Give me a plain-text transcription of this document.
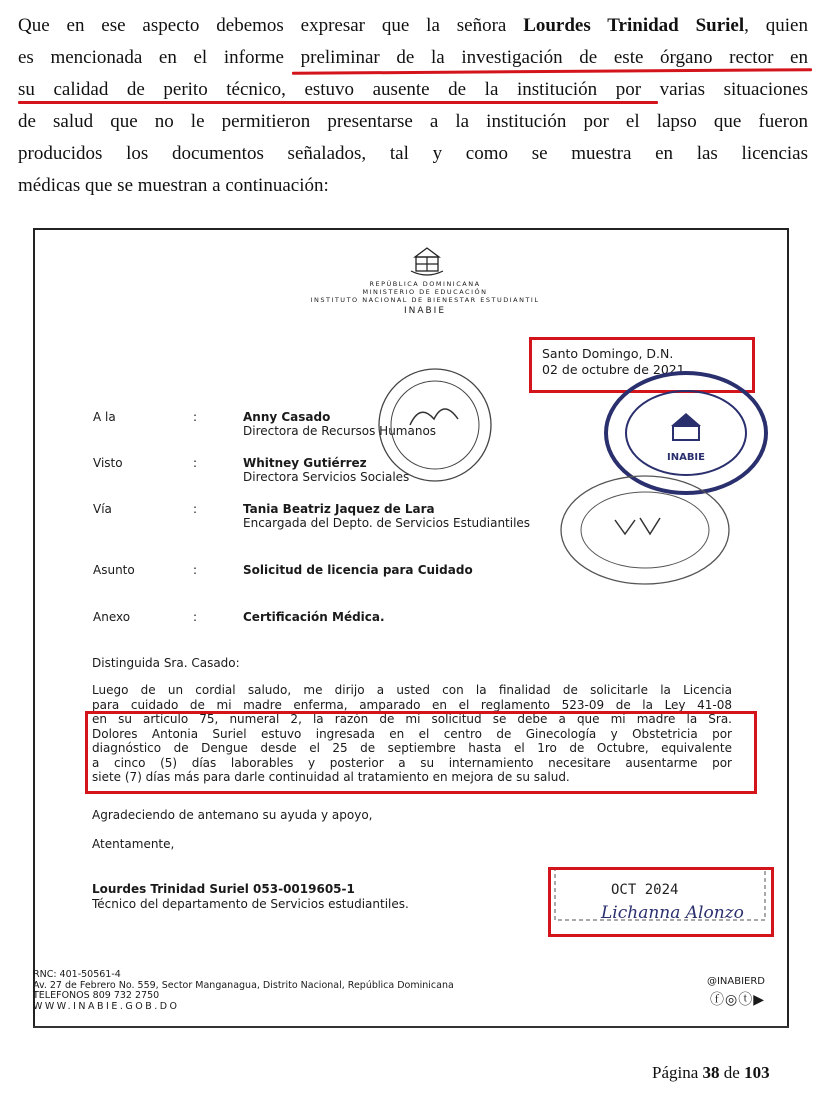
Que en ese aspecto debemos expresar que la señora Lourdes Trinidad Suriel, quien
es mencionada en el informe preliminar de la investigación de este órgano rector en
su calidad de perito técnico, estuvo ausente de la institución por varias situaciones
de salud que no le permitieron presentarse a la institución por el lapso que fueron
producidos los documentos señalados, tal y como se muestra en las licencias
médicas que se muestran a continuación:
REPÚBLICA DOMINICANA
MINISTERIO DE EDUCACIÓN
INSTITUTO NACIONAL DE BIENESTAR ESTUDIANTIL
INABIE
Santo Domingo, D.N.
02 de octubre de 2021
A la	:	Anny Casado
Directora de Recursos Humanos
Visto	:	Whitney Gutiérrez
Directora Servicios Sociales
Vía	:	Tania Beatriz Jaquez de Lara
Encargada del Depto. de Servicios Estudiantiles
Asunto	:	Solicitud de licencia para Cuidado
Anexo	:	Certificación Médica.
Distinguida Sra. Casado:
Luego de un cordial saludo, me dirijo a usted con la finalidad de solicitarle la Licencia
para cuidado de mi madre enferma, amparado en el reglamento 523-09 de la Ley 41-08
en su artículo 75, numeral 2, la razón de mi solicitud se debe a que mi madre la Sra.
Dolores Antonia Suriel estuvo ingresada en el centro de Ginecología y Obstetricia por
diagnóstico de Dengue desde el 25 de septiembre hasta el 1ro de Octubre, equivalente
a cinco (5) días laborables y posterior a su internamiento necesitare ausentarme por
siete (7) días más para darle continuidad al tratamiento en mejora de su salud.
Agradeciendo de antemano su ayuda y apoyo,
Atentamente,
Lourdes Trinidad Suriel 053-0019605-1
Técnico del departamento de Servicios estudiantiles.
OCT 2024
Lichanna Alonzo
INABIE
RNC: 401-50561-4
Av. 27 de Febrero No. 559, Sector Manganagua, Distrito Nacional, República Dominicana
TELEFONOS 809 732 2750
WWW.INABIE.GOB.DO
@INABIERD
ⓕ◎ⓣ▶
Página 38 de 103
